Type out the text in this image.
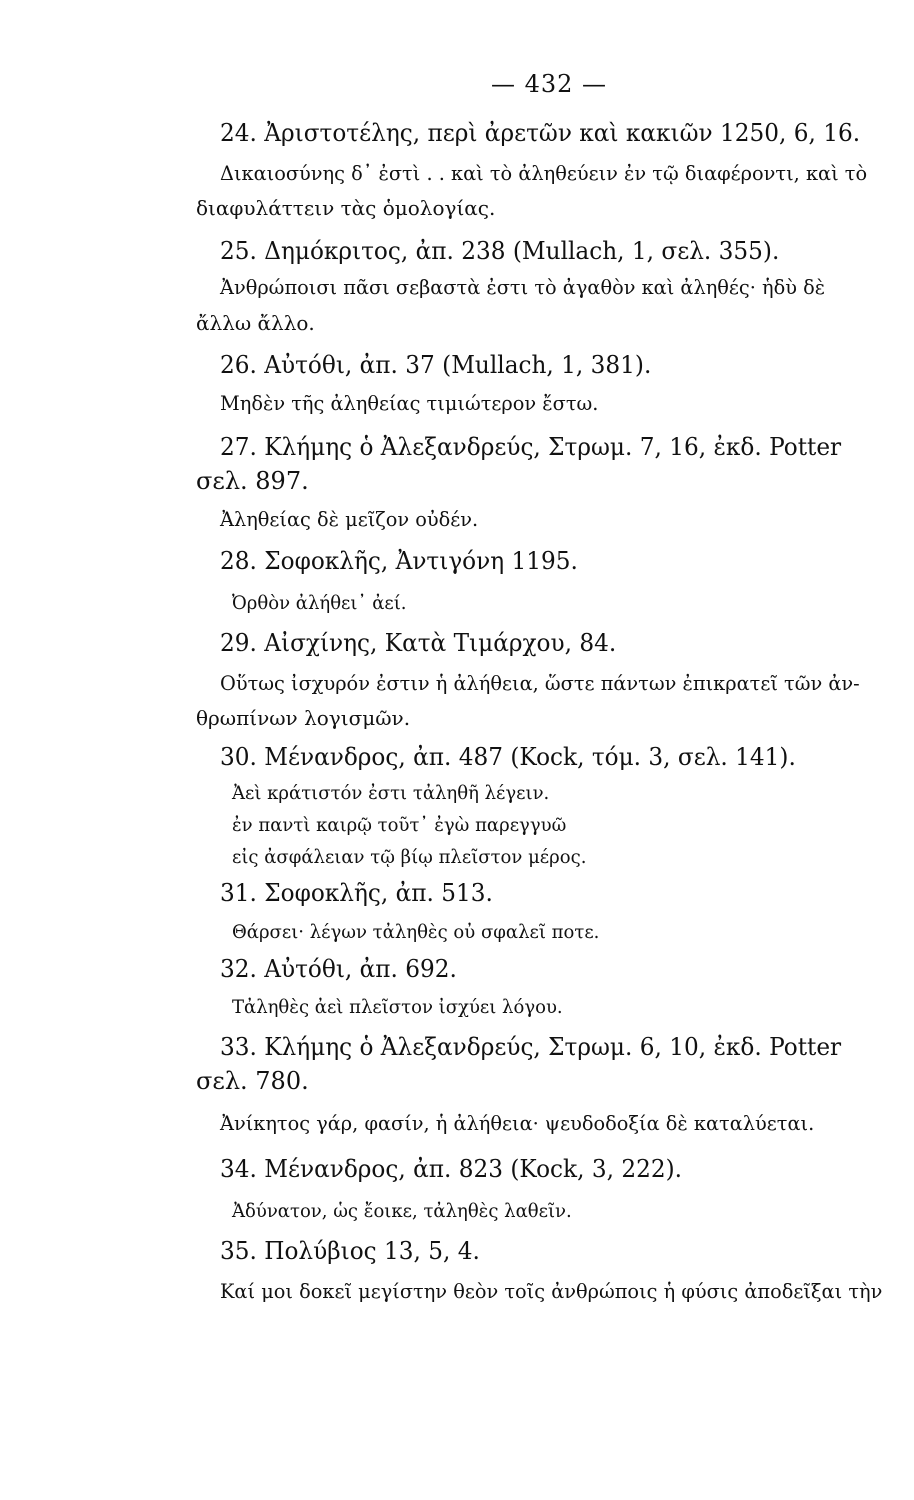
— 432 —
24. Ἀριστοτέλης, περὶ ἀρετῶν καὶ κακιῶν 1250, 6, 16.
Δικαιοσύνης δ᾽ ἐστὶ . . καὶ τὸ ἀληθεύειν ἐν τῷ διαφέροντι, καὶ τὸ
διαφυλάττειν τὰς ὁμολογίας.
25. Δημόκριτος, ἀπ. 238 (Mullach, 1, σελ. 355).
Ἀνθρώποισι πᾶσι σεβαστὰ ἐστι τὸ ἀγαθὸν καὶ ἀληθές· ἡδὺ δὲ
ἄλλω ἄλλο.
26. Αὐτόθι, ἀπ. 37 (Mullach, 1, 381).
Μηδὲν τῆς ἀληθείας τιμιώτερον ἔστω.
27. Κλήμης ὁ Ἀλεξανδρεύς, Στρωμ. 7, 16, ἐκδ. Potter
σελ. 897.
Ἀληθείας δὲ μεῖζον οὐδέν.
28. Σοφοκλῆς, Ἀντιγόνη 1195.
Ὀρθὸν ἀλήθει᾽ ἀεί.
29. Αἰσχίνης, Κατὰ Τιμάρχου, 84.
Οὕτως ἰσχυρόν ἐστιν ἡ ἀλήθεια, ὥστε πάντων ἐπικρατεῖ τῶν ἀν-
θρωπίνων λογισμῶν.
30. Μένανδρος, ἀπ. 487 (Kock, τόμ. 3, σελ. 141).
Ἀεὶ κράτιστόν ἐστι τἀληθῆ λέγειν.
ἐν παντὶ καιρῷ τοῦτ᾽ ἐγὼ παρεγγυῶ
εἰς ἀσφάλειαν τῷ βίῳ πλεῖστον μέρος.
31. Σοφοκλῆς, ἀπ. 513.
Θάρσει· λέγων τἀληθὲς οὐ σφαλεῖ ποτε.
32. Αὐτόθι, ἀπ. 692.
Τἀληθὲς ἀεὶ πλεῖστον ἰσχύει λόγου.
33. Κλήμης ὁ Ἀλεξανδρεύς, Στρωμ. 6, 10, ἐκδ. Potter
σελ. 780.
Ἀνίκητος γάρ, φασίν, ἡ ἀλήθεια· ψευδοδοξία δὲ καταλύεται.
34. Μένανδρος, ἀπ. 823 (Kock, 3, 222).
Ἀδύνατον, ὡς ἔοικε, τἀληθὲς λαθεῖν.
35. Πολύβιος 13, 5, 4.
Καί μοι δοκεῖ μεγίστην θεὸν τοῖς ἀνθρώποις ἡ φύσις ἀποδεῖξαι τὴν
